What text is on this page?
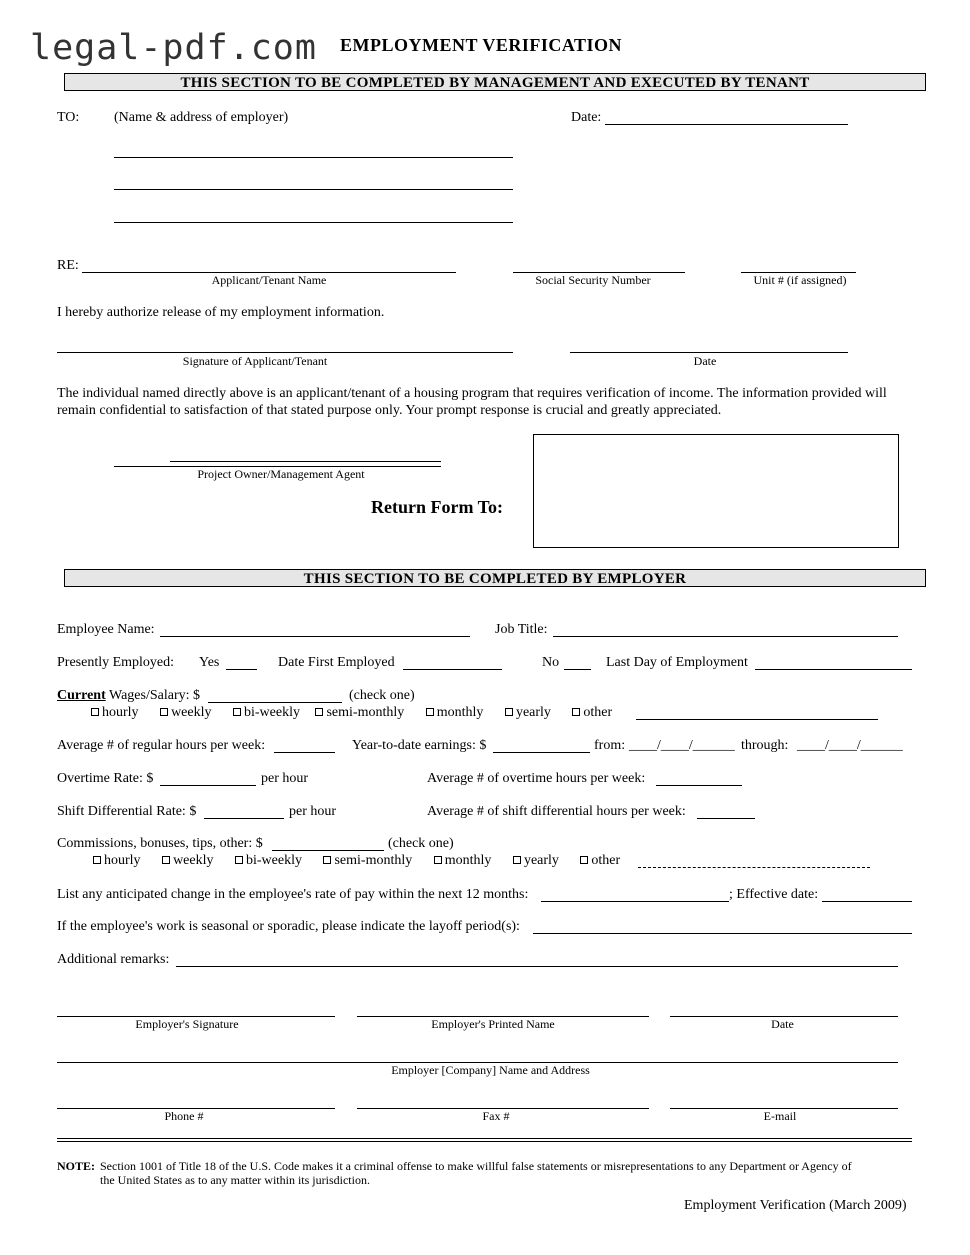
legal-pdf.com EMPLOYMENT VERIFICATION
THIS SECTION TO BE COMPLETED BY MANAGEMENT AND EXECUTED BY TENANT
TO: (Name & address of employer)	Date:
RE:
Applicant/Tenant Name	Social Security Number	Unit # (if assigned)
I hereby authorize release of my employment information.
Signature of Applicant/Tenant	Date
The individual named directly above is an applicant/tenant of a housing program that requires verification of income. The information provided will remain confidential to satisfaction of that stated purpose only. Your prompt response is crucial and greatly appreciated.
Project Owner/Management Agent
Return Form To:
THIS SECTION TO BE COMPLETED BY EMPLOYER
Employee Name:	Job Title:
Presently Employed: Yes	Date First Employed	No	Last Day of Employment
Current Wages/Salary: $	(check one)
hourly weekly bi-weekly semi-monthly monthly yearly other
Average # of regular hours per week:	Year-to-date earnings: $	from: ____/____/______ through: ____/____/______
Overtime Rate: $	per hour	Average # of overtime hours per week:
Shift Differential Rate: $	per hour	Average # of shift differential hours per week:
Commissions, bonuses, tips, other: $	(check one)
hourly weekly bi-weekly semi-monthly monthly yearly other
List any anticipated change in the employee's rate of pay within the next 12 months:	; Effective date:
If the employee's work is seasonal or sporadic, please indicate the layoff period(s):
Additional remarks:
Employer's Signature	Employer's Printed Name	Date
Employer [Company] Name and Address
Phone #	Fax #	E-mail
NOTE: Section 1001 of Title 18 of the U.S. Code makes it a criminal offense to make willful false statements or misrepresentations to any Department or Agency of
the United States as to any matter within its jurisdiction.
Employment Verification (March 2009)
